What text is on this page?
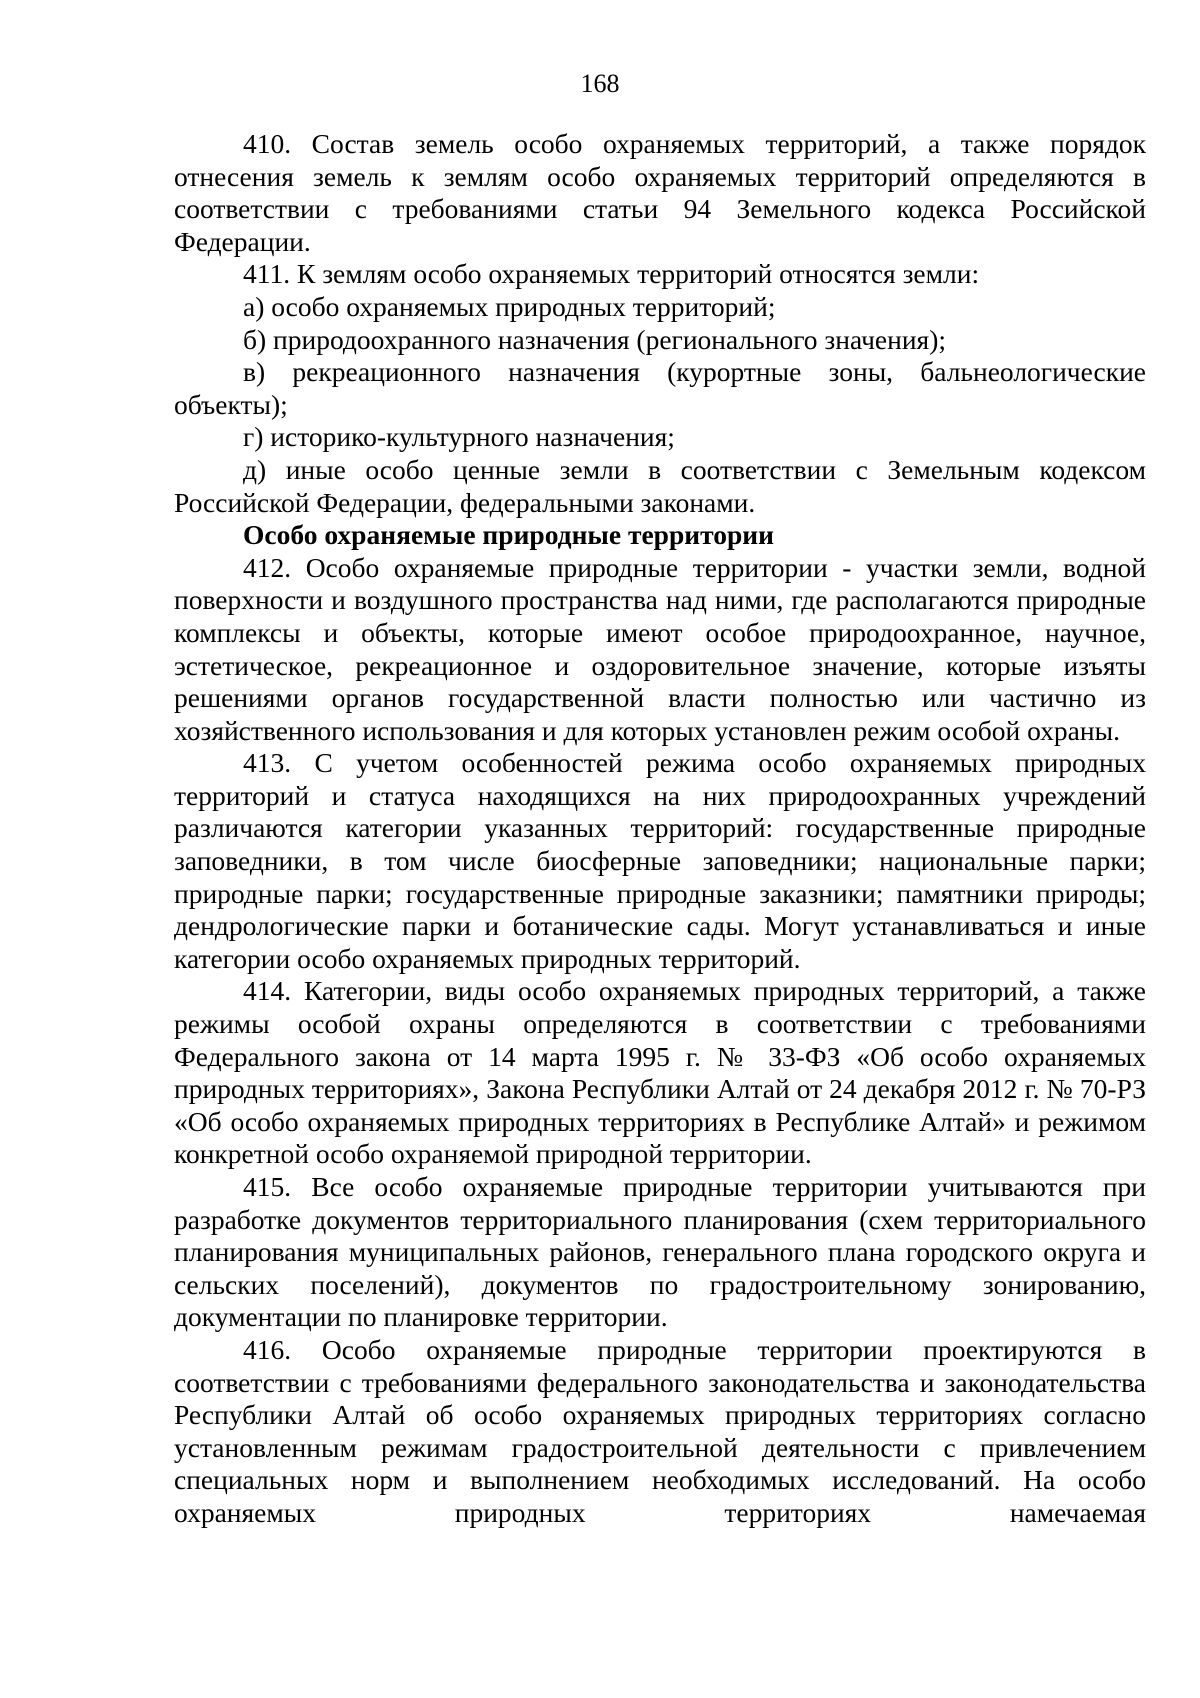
168

410. Состав земель особо охраняемых территорий, а также порядок отнесения земель к землям особо охраняемых территорий определяются в соответствии с требованиями статьи 94 Земельного кодекса Российской Федерации.

411. К землям особо охраняемых территорий относятся земли:

а) особо охраняемых природных территорий;

б) природоохранного назначения (регионального значения);

в) рекреационного назначения (курортные зоны, бальнеологические объекты);

г) историко-культурного назначения;

д) иные особо ценные земли в соответствии с Земельным кодексом Российской Федерации, федеральными законами.

Особо охраняемые природные территории

412. Особо охраняемые природные территории - участки земли, водной поверхности и воздушного пространства над ними, где располагаются природные комплексы и объекты, которые имеют особое природоохранное, научное, эстетическое, рекреационное и оздоровительное значение, которые изъяты решениями органов государственной власти полностью или частично из хозяйственного использования и для которых установлен режим особой охраны.

413. С учетом особенностей режима особо охраняемых природных территорий и статуса находящихся на них природоохранных учреждений различаются категории указанных территорий: государственные природные заповедники, в том числе биосферные заповедники; национальные парки; природные парки; государственные природные заказники; памятники природы; дендрологические парки и ботанические сады. Могут устанавливаться и иные категории особо охраняемых природных территорий.

414. Категории, виды особо охраняемых природных территорий, а также режимы особой охраны определяются в соответствии с требованиями Федерального закона от 14 марта 1995 г. № 33-ФЗ «Об особо охраняемых природных территориях», Закона Республики Алтай от 24 декабря 2012 г. № 70-РЗ «Об особо охраняемых природных территориях в Республике Алтай» и режимом конкретной особо охраняемой природной территории.

415. Все особо охраняемые природные территории учитываются при разработке документов территориального планирования (схем территориального планирования муниципальных районов, генерального плана городского округа и сельских поселений), документов по градостроительному зонированию, документации по планировке территории.

416. Особо охраняемые природные территории проектируются в соответствии с требованиями федерального законодательства и законодательства Республики Алтай об особо охраняемых природных территориях согласно установленным режимам градостроительной деятельности с привлечением специальных норм и выполнением необходимых исследований. На особо охраняемых природных территориях намечаемая
